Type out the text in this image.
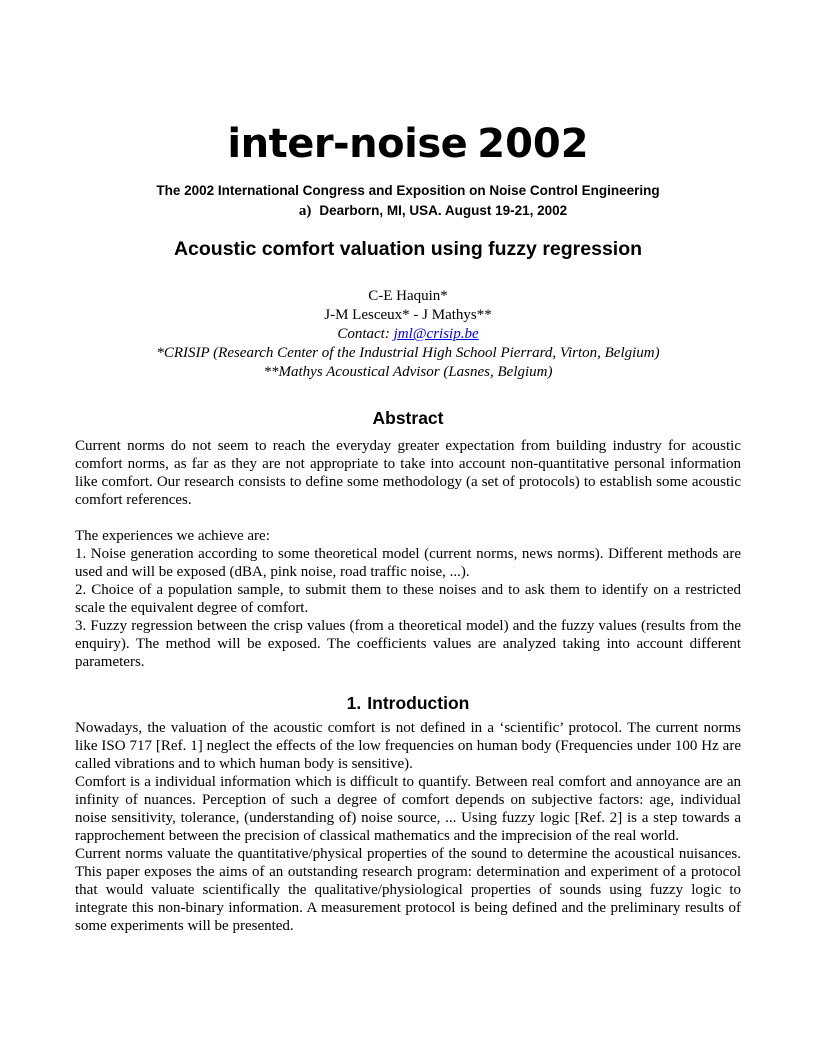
inter-noise 2002
The 2002 International Congress and Exposition on Noise Control Engineering
a) Dearborn, MI, USA. August 19-21, 2002
Acoustic comfort valuation using fuzzy regression
C-E Haquin*
J-M Lesceux* - J Mathys**
Contact: jml@crisip.be
*CRISIP (Research Center of the Industrial High School Pierrard, Virton, Belgium)
**Mathys Acoustical Advisor (Lasnes, Belgium)
Abstract

Current norms do not seem to reach the everyday greater expectation from building industry for acoustic comfort norms, as far as they are not appropriate to take into account non-quantitative personal information like comfort. Our research consists to define some methodology (a set of protocols) to establish some acoustic comfort references.

The experiences we achieve are:

1. Noise generation according to some theoretical model (current norms, news norms). Different methods are used and will be exposed (dBA, pink noise, road traffic noise, ...).

2. Choice of a population sample, to submit them to these noises and to ask them to identify on a restricted scale the equivalent degree of comfort.

3. Fuzzy regression between the crisp values (from a theoretical model) and the fuzzy values (results from the enquiry). The method will be exposed. The coefficients values are analyzed taking into account different parameters.

1. Introduction

Nowadays, the valuation of the acoustic comfort is not defined in a ‘scientific’ protocol. The current norms like ISO 717 [Ref. 1] neglect the effects of the low frequencies on human body (Frequencies under 100 Hz are called vibrations and to which human body is sensitive).

Comfort is a individual information which is difficult to quantify. Between real comfort and annoyance are an infinity of nuances. Perception of such a degree of comfort depends on subjective factors: age, individual noise sensitivity, tolerance, (understanding of) noise source, ... Using fuzzy logic [Ref. 2] is a step towards a rapprochement between the precision of classical mathematics and the imprecision of the real world.

Current norms valuate the quantitative/physical properties of the sound to determine the acoustical nuisances. This paper exposes the aims of an outstanding research program: determination and experiment of a protocol that would valuate scientifically the qualitative/physiological properties of sounds using fuzzy logic to integrate this non-binary information. A measurement protocol is being defined and the preliminary results of some experiments will be presented.
